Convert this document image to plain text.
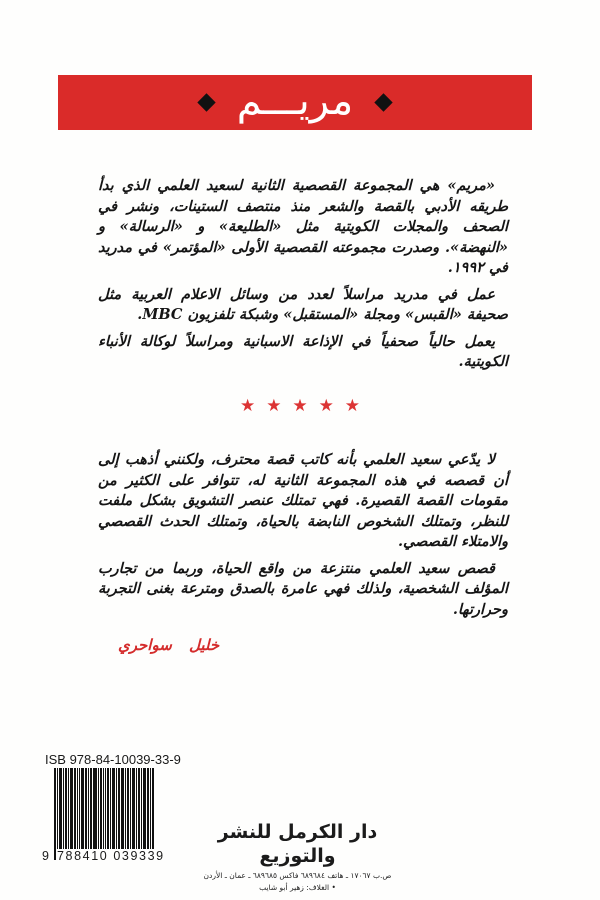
مريـــم

«مريم» هي المجموعة القصصية الثانية لسعيد العلمي الذي بدأ طريقه الأدبي بالقصة والشعر منذ منتصف الستينات، ونشر في الصحف والمجلات الكويتية مثل «الطليعة» و «الرسالة» و «النهضة». وصدرت مجموعته القصصية الأولى «المؤتمر» في مدريد في ١٩٩٢.

عمل في مدريد مراسلاً لعدد من وسائل الاعلام العربية مثل صحيفة «القبس» ومجلة «المستقبل» وشبكة تلفزيون MBC.

يعمل حالياً صحفياً في الإذاعة الاسبانية ومراسلاً لوكالة الأنباء الكويتية.

★ ★ ★ ★ ★

لا يدّعي سعيد العلمي بأنه كاتب قصة محترف، ولكنني أذهب إلى أن قصصه في هذه المجموعة الثانية له، تتوافر على الكثير من مقومات القصة القصيرة. فهي تمتلك عنصر التشويق بشكل ملفت للنظر، وتمتلك الشخوص النابضة بالحياة، وتمتلك الحدث القصصي والامتلاء القصصي.

قصص سعيد العلمي منتزعة من واقع الحياة، وربما من تجارب المؤلف الشخصية، ولذلك فهي عامرة بالصدق ومترعة بغنى التجربة وحرارتها.

خليل سواحري
ISB 978-84-10039-33-9
9 788410 039339
دار الكرمل للنشر والتوزيع
ص.ب ١٧٠٦٧ ـ هاتف ٦٨٩٦٨٤ فاكس ٦٨٩٦٨٥ ـ عمان ـ الأردن
• الغلاف: زهير أبو شايب
